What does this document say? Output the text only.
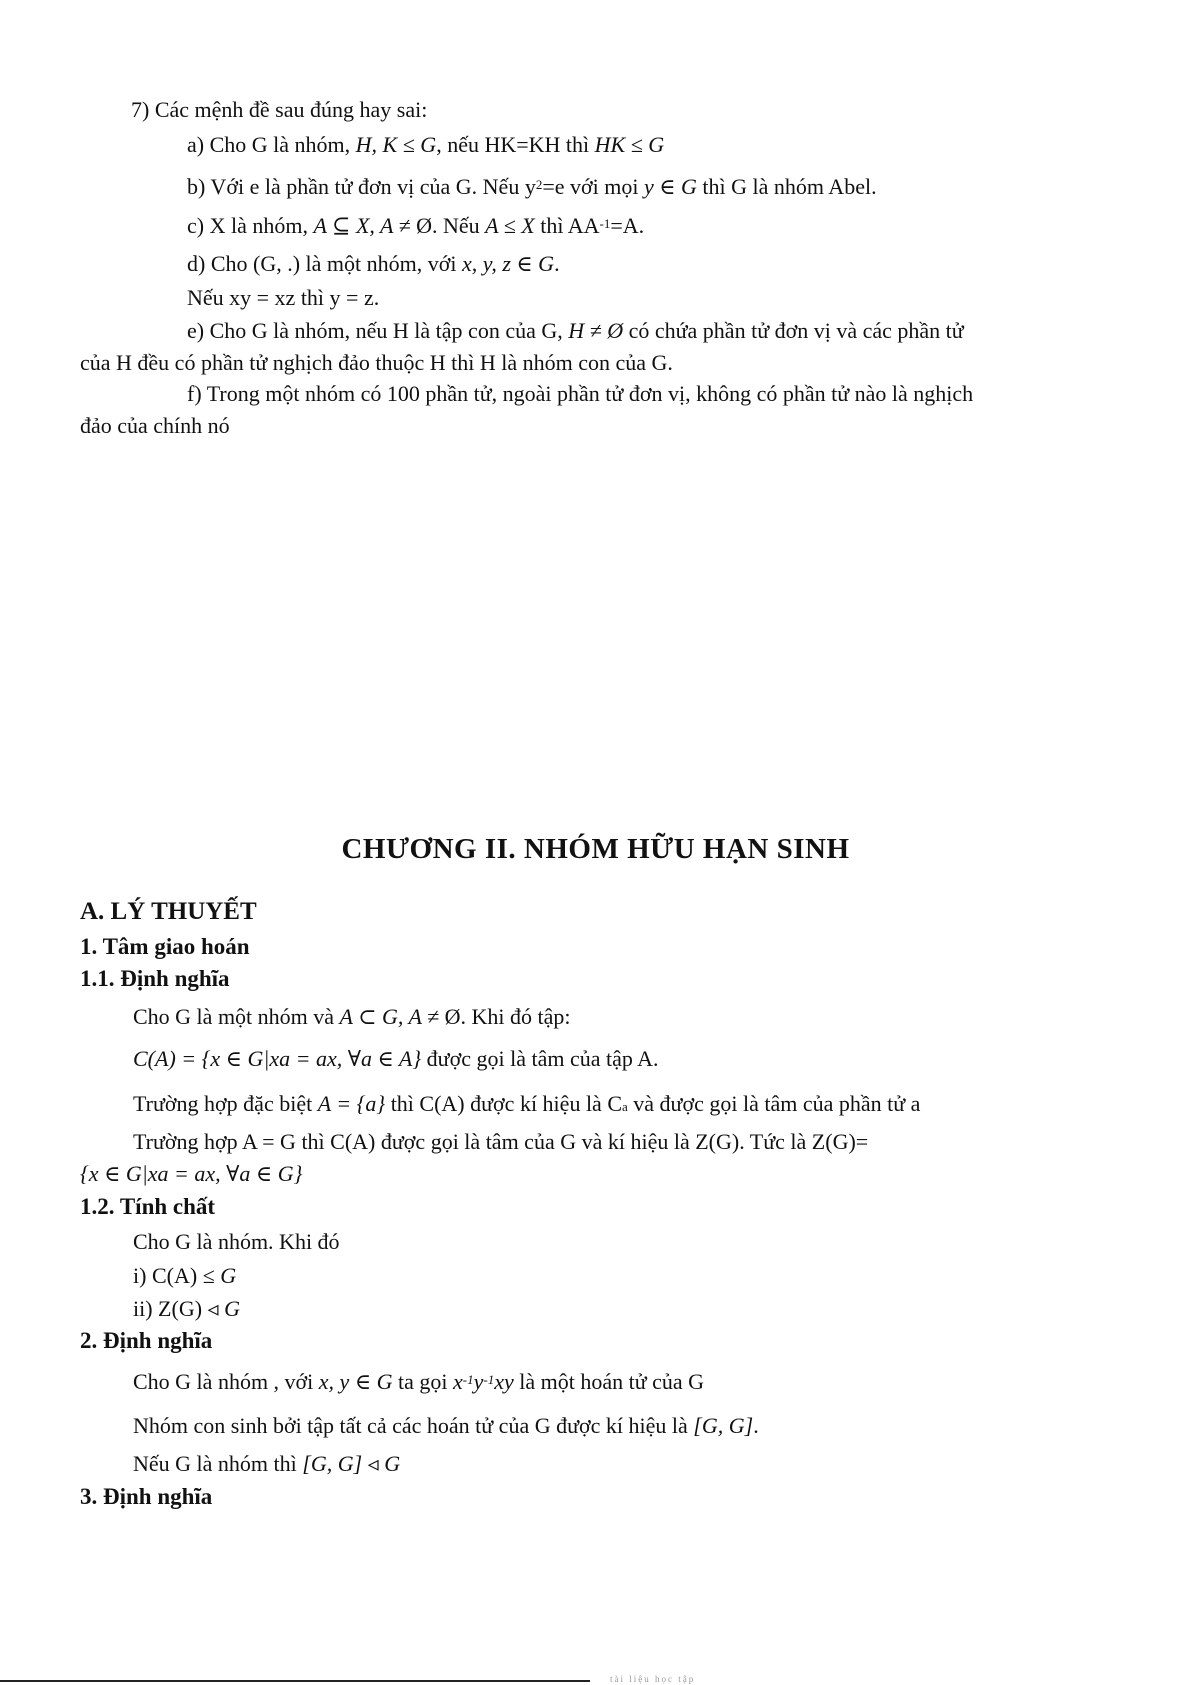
7) Các mệnh đề sau đúng hay sai:
a) Cho G là nhóm, H, K ≤ G, nếu HK=KH thì HK ≤ G
b) Với e là phần tử đơn vị của G. Nếu $y^2=e$ với mọi y ∈ G thì G là nhóm Abel.
c) X là nhóm, A ⊆ X, A ≠ Ø. Nếu A ≤ X thì $AA^{-1}=A$.
d) Cho (G, .) là một nhóm, với x, y, z ∈ G.
Nếu xy = xz thì y = z.
e) Cho G là nhóm, nếu H là tập con của G, H ≠ Ø có chứa phần tử đơn vị và các phần tử
của H đều có phần tử nghịch đảo thuộc H thì H là nhóm con của G.
f) Trong một nhóm có 100 phần tử, ngoài phần tử đơn vị, không có phần tử nào là nghịch
đảo của chính nó
CHƯƠNG II. NHÓM HỮU HẠN SINH
A. LÝ THUYẾT
1. Tâm giao hoán
1.1. Định nghĩa
Cho G là một nhóm và A ⊂ G, A ≠ Ø. Khi đó tập:
C(A) = {x ∈ G|xa = ax, ∀a ∈ A} được gọi là tâm của tập A.
Trường hợp đặc biệt A = {a} thì C(A) được kí hiệu là Ca và được gọi là tâm của phần tử a
Trường hợp A = G thì C(A) được gọi là tâm của G và kí hiệu là Z(G). Tức là Z(G)=
{x ∈ G|xa = ax, ∀a ∈ G}
1.2. Tính chất
Cho G là nhóm. Khi đó
i) C(A) ≤ G
ii) Z(G) ◃ G
2. Định nghĩa
Cho G là nhóm , với x, y ∈ G ta gọi $x^{-1}y^{-1}xy$ là một hoán tử của G
Nhóm con sinh bởi tập tất cả các hoán tử của G được kí hiệu là [G, G].
Nếu G là nhóm thì [G, G] ◃ G
3. Định nghĩa
tài liệu học tập
